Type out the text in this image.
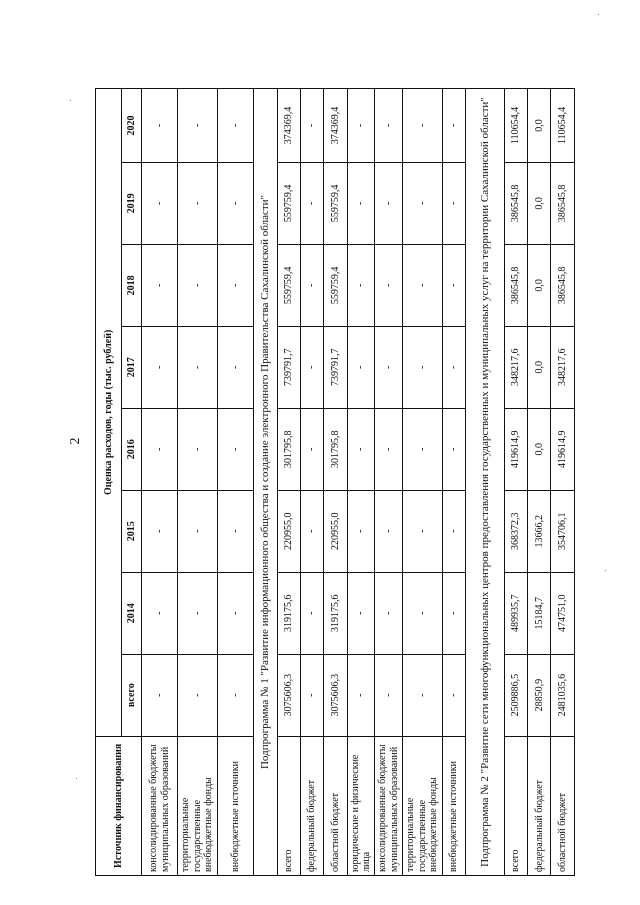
2
Источник финансирования	Оценка расходов, годы (тыс. рублей)							
	всего	2014	2015	2016	2017	2018	2019	2020
консолидированные бюджеты муниципальных образований	-	-	-	-	-	-	-	-
территориальные государственные внебюджетные фонды	-	-	-	-	-	-	-	-
внебюджетные источники	-	-	-	-	-	-	-	-
Подпрограмма № 1 "Развитие информационного общества и создание электронного Правительства Сахалинской области"								
всего	3075606,3	319175,6	220955,0	301795,8	739791,7	559759,4	559759,4	374369,4
федеральный бюджет	-	-	-	-	-	-	-	-
областной бюджет	3075606,3	319175,6	220955,0	301795,8	739791,7	559759,4	559759,4	374369,4
юридические и физические лица	-	-	-	-	-	-	-	-
консолидированные бюджеты муниципальных образований	-	-	-	-	-	-	-	-
территориальные государственные внебюджетные фонды	-	-	-	-	-	-	-	-
внебюджетные источники	-	-	-	-	-	-	-	-
Подпрограмма № 2 "Развитие сети многофункциональных центров предоставления государственных и муниципальных услуг на территории Сахалинской области"								
всего	2509886,5	489935,7	368372,3	419614,9	348217,6	386545,8	386545,8	110654,4
федеральный бюджет	28850,9	15184,7	13666,2	0,0	0,0	0,0	0,0	0,0
областной бюджет	2481035,6	474751,0	354706,1	419614,9	348217,6	386545,8	386545,8	110654,4
